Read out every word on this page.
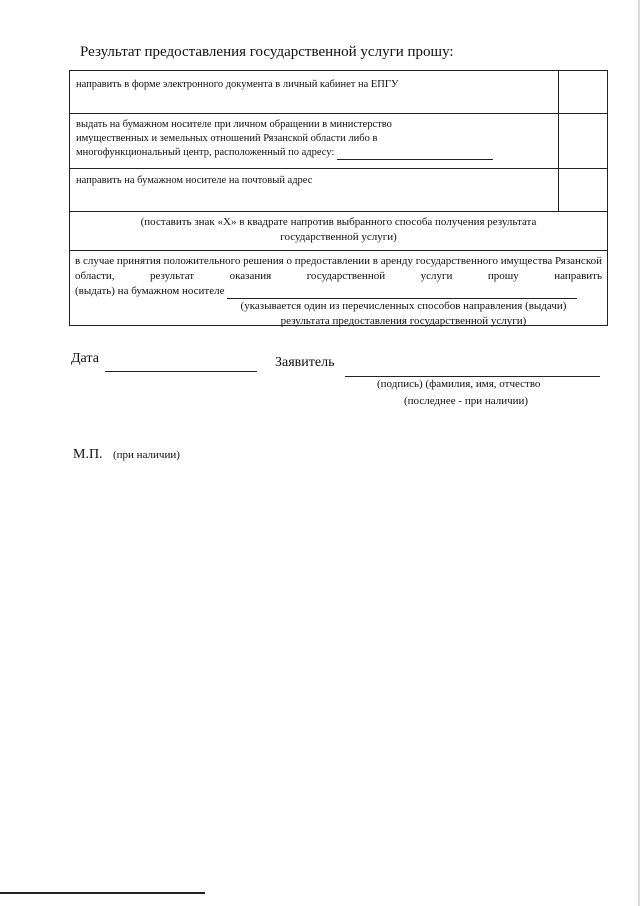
Результат предоставления государственной услуги прошу:
направить в форме электронного документа в личный кабинет на ЕПГУ
выдать на бумажном носителе при личном обращении в министерство
имущественных и земельных отношений Рязанской области либо в
многофункциональный центр, расположенный по адресу:
направить на бумажном носителе на почтовый адрес
(поставить знак «Х» в квадрате напротив выбранного способа получения результата
государственной услуги)
в случае принятия положительного решения о предоставлении в аренду государственного имущества Рязанской области, результат оказания государственной услуги прошу направить
(выдать) на бумажном носителе
(указывается один из перечисленных способов направления (выдачи)
результата предоставления государственной услуги)
Дата	Заявитель
(подпись) (фамилия, имя, отчество
(последнее - при наличии)
М.П. (при наличии)
